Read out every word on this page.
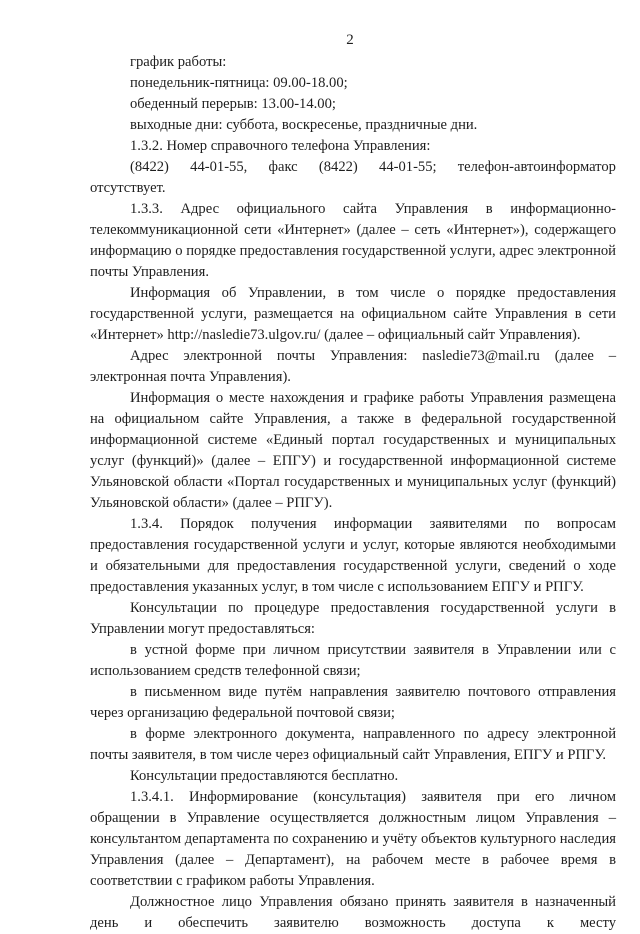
2

график работы:

понедельник-пятница: 09.00-18.00;

обеденный перерыв: 13.00-14.00;

выходные дни: суббота, воскресенье, праздничные дни.

1.3.2. Номер справочного телефона Управления:

(8422) 44-01-55, факс (8422) 44-01-55; телефон-автоинформатор

отсутствует.

1.3.3. Адрес официального сайта Управления в информационно-телекоммуникационной сети «Интернет» (далее – сеть «Интернет»), содержащего информацию о порядке предоставления государственной услуги, адрес электронной почты Управления.

Информация об Управлении, в том числе о порядке предоставления государственной услуги, размещается на официальном сайте Управления в сети «Интернет» http://nasledie73.ulgov.ru/ (далее – официальный сайт Управления).

Адрес электронной почты Управления: nasledie73@mail.ru (далее – электронная почта Управления).

Информация о месте нахождения и графике работы Управления размещена на официальном сайте Управления, а также в федеральной государственной информационной системе «Единый портал государственных и муниципальных услуг (функций)» (далее – ЕПГУ) и государственной информационной системе Ульяновской области «Портал государственных и муниципальных услуг (функций) Ульяновской области» (далее – РПГУ).

1.3.4. Порядок получения информации заявителями по вопросам предоставления государственной услуги и услуг, которые являются необходимыми и обязательными для предоставления государственной услуги, сведений о ходе предоставления указанных услуг, в том числе с использованием ЕПГУ и РПГУ.

Консультации по процедуре предоставления государственной услуги в Управлении могут предоставляться:

в устной форме при личном присутствии заявителя в Управлении или с использованием средств телефонной связи;

в письменном виде путём направления заявителю почтового отправления через организацию федеральной почтовой связи;

в форме электронного документа, направленного по адресу электронной почты заявителя, в том числе через официальный сайт Управления, ЕПГУ и РПГУ.

Консультации предоставляются бесплатно.

1.3.4.1. Информирование (консультация) заявителя при его личном обращении в Управление осуществляется должностным лицом Управления – консультантом департамента по сохранению и учёту объектов культурного наследия Управления (далее – Департамент), на рабочем месте в рабочее время в соответствии с графиком работы Управления.

Должностное лицо Управления обязано принять заявителя в назначенный день и обеспечить заявителю возможность доступа к месту
